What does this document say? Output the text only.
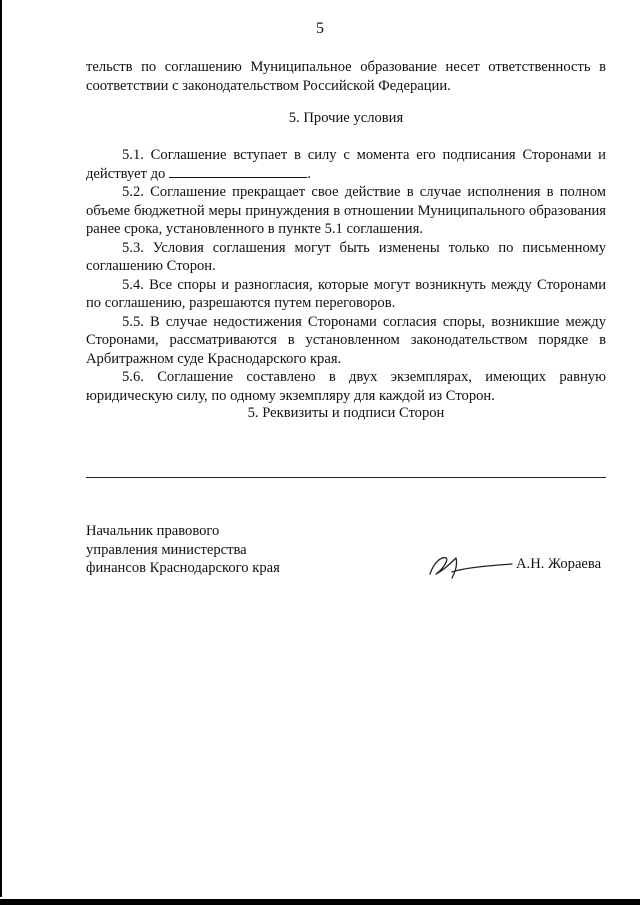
5
тельств по соглашению Муниципальное образование несет ответственность в
соответствии с законодательством Российской Федерации.
5. Прочие условия
5.1. Соглашение вступает в силу с момента его подписания Сторонами и
действует до	.
5.2. Соглашение прекращает свое действие в случае исполнения в полном объеме бюджетной меры принуждения в отношении Муниципального образования ранее срока, установленного в пункте 5.1 соглашения.
5.3. Условия соглашения могут быть изменены только по письменному соглашению Сторон.
5.4. Все споры и разногласия, которые могут возникнуть между Сторонами по соглашению, разрешаются путем переговоров.
5.5. В случае недостижения Сторонами согласия споры, возникшие между Сторонами, рассматриваются в установленном законодательством порядке в Арбитражном суде Краснодарского края.
5.6. Соглашение составлено в двух экземплярах, имеющих равную юридическую силу, по одному экземпляру для каждой из Сторон.
5. Реквизиты и подписи Сторон
Начальник правового
управления министерства
финансов Краснодарского края	А.Н. Жораева
